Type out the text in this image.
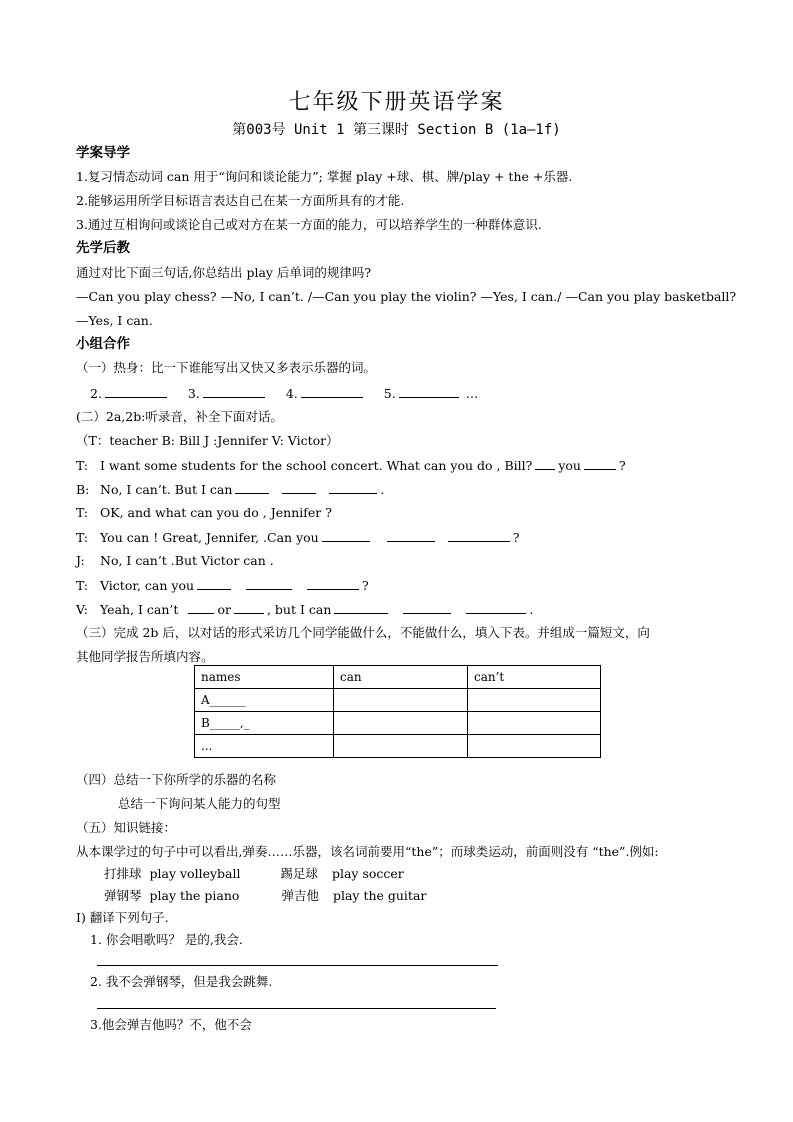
七年级下册英语学案
第003号 Unit 1 第三课时 Section B (1a—1f)
学案导学
1.复习情态动词 can 用于“询问和谈论能力”; 掌握 play +球、棋、牌/play + the +乐器.
2.能够运用所学目标语言表达自己在某一方面所具有的才能.
3.通过互相询问或谈论自己或对方在某一方面的能力，可以培养学生的一种群体意识.
先学后教
通过对比下面三句话,你总结出 play 后单词的规律吗?
—Can you play chess? —No, I can’t. /—Can you play the violin? —Yes, I can./ —Can you play basketball?
—Yes, I can.
小组合作
（一）热身：比一下谁能写出又快又多表示乐器的词。
2.	3.	4.	5.	…
(二）2a,2b:听录音，补全下面对话。
（T：teacher B: Bill J :Jennifer V: Victor）
T: I want some students for the school concert. What can you do , Bill? you	?
B: No, I can’t. But I can	.
T: OK, and what can you do , Jennifer ?
T: You can ! Great, Jennifer, .Can you	?
J: No, I can’t .But Victor can .
T: Victor, can you	?
V: Yeah, I can’t	or	, but I can	.
（三）完成 2b 后，以对话的形式采访几个同学能做什么，不能做什么，填入下表。并组成一篇短文，向
其他同学报告所填内容。
names	can	can’t
A______		
B_____,_		
...		
（四）总结一下你所学的乐器的名称
总结一下询问某人能力的句型
（五）知识链接：
从本课学过的句子中可以看出,弹奏……乐器，该名词前要用“the”；而球类运动，前面则没有 “the”.例如:
打排球 play volleyball	踢足球 play soccer
弹钢琴 play the piano	弹吉他 play the guitar
I) 翻译下列句子.
1. 你会唱歌吗？ 是的,我会.
2. 我不会弹钢琴，但是我会跳舞.
3.他会弹吉他吗？不，他不会
